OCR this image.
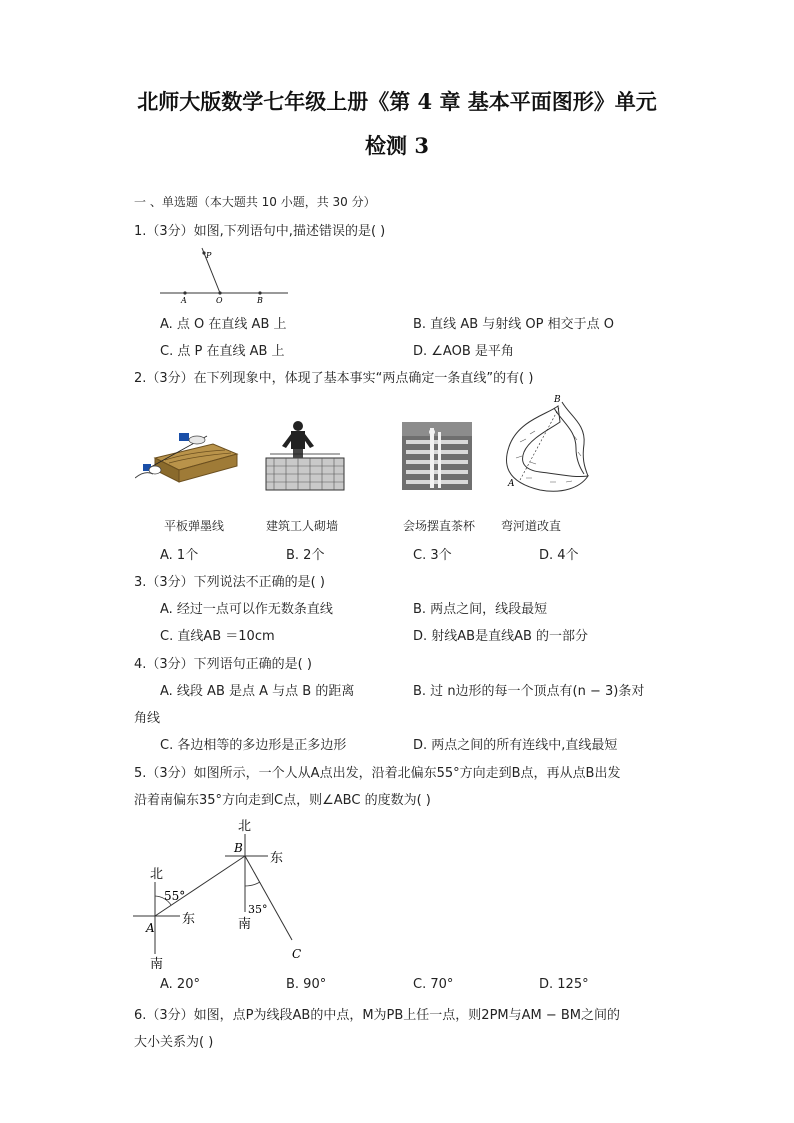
北师大版数学七年级上册《第 4 章 基本平面图形》单元
检测 3
一 、单选题（本大题共 10 小题，共 30 分）
1.（3分）如图,下列语句中,描述错误的是( )
P
A	O	B
A. 点 O 在直线 AB 上	B. 直线 AB 与射线 OP 相交于点 O
C. 点 P 在直线 AB 上	D. ∠AOB 是平角
2.（3分）在下列现象中，体现了基本事实“两点确定一条直线”的有( )
B
A
平板弹墨线	建筑工人砌墙	会场摆直茶杯 弯河道改直
A. 1个	B. 2个	C. 3个	D. 4个
3.（3分）下列说法不正确的是( )
A. 经过一点可以作无数条直线	B. 两点之间，线段最短
C. 直线AB ＝10cm	D. 射线AB是直线AB 的一部分
4.（3分）下列语句正确的是( )
A. 线段 AB 是点 A 与点 B 的距离	B. 过 n边形的每一个顶点有(n − 3)条对
角线
C. 各边相等的多边形是正多边形	D. 两点之间的所有连线中,直线最短
5.（3分）如图所示，一个人从A点出发，沿着北偏东55°方向走到B点，再从点B出发
沿着南偏东35°方向走到C点，则∠ABC 的度数为( )
北
北
东
东
南
南
A
B
C
55°
35°
A. 20°	B. 90°	C. 70°	D. 125°
6.（3分）如图，点P为线段AB的中点，M为PB上任一点，则2PM与AM − BM之间的
大小关系为( )
